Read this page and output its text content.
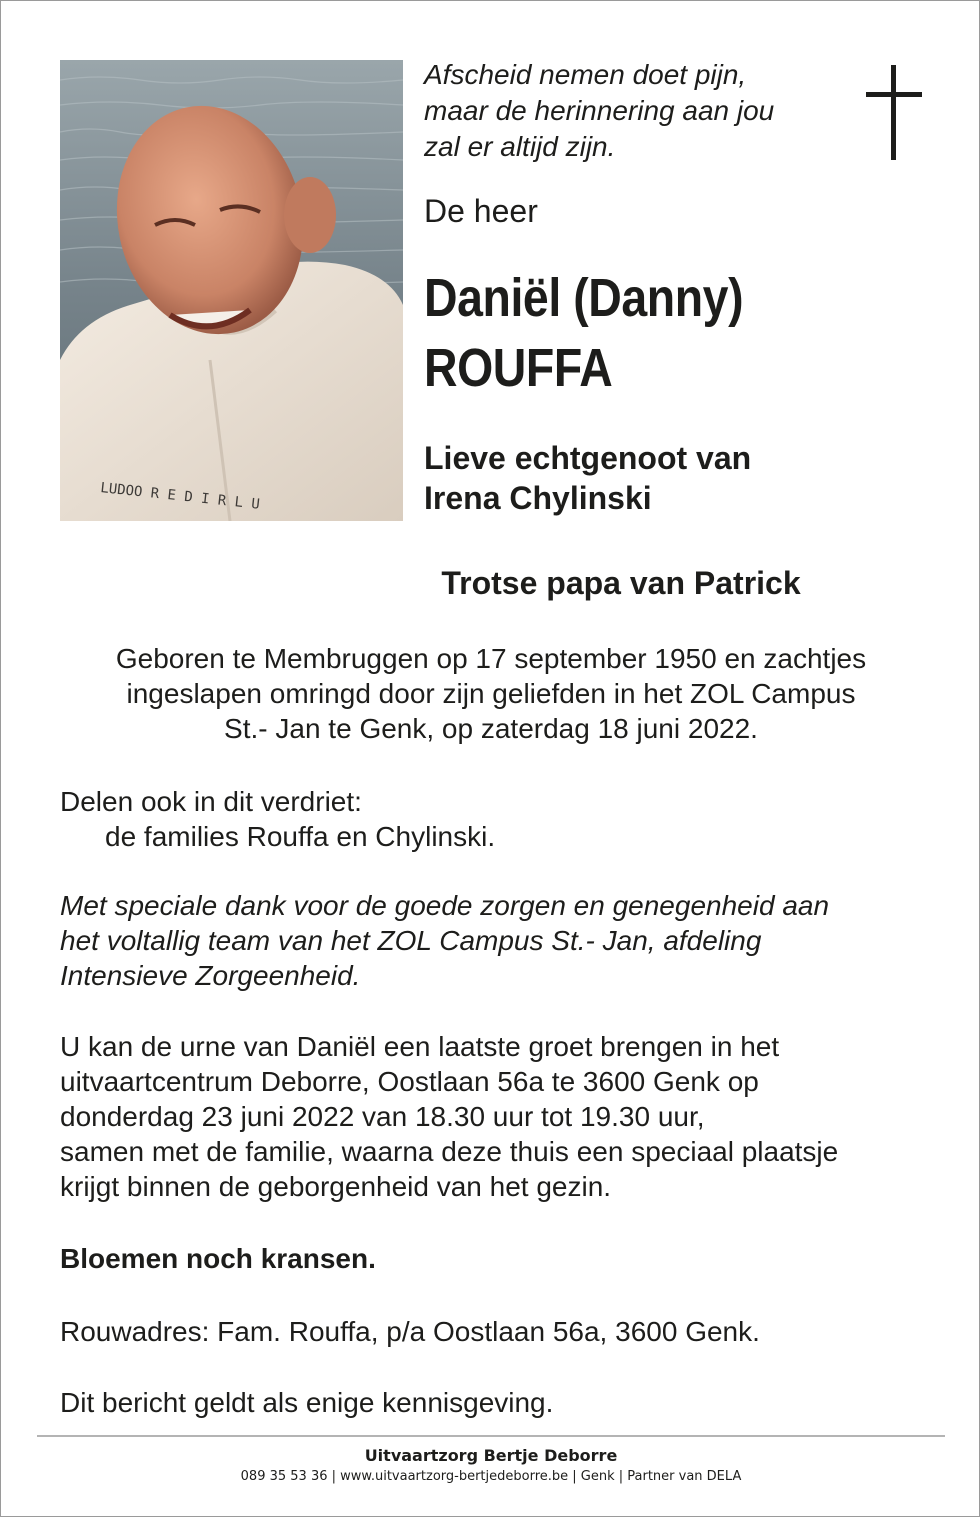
LUDOO R E D I R L U
Afscheid nemen doet pijn,
maar de herinnering aan jou
zal er altijd zijn.
De heer
Daniël (Danny)
ROUFFA
Lieve echtgenoot van
Irena Chylinski
Trotse papa van Patrick
Geboren te Membruggen op 17 september 1950 en zachtjes
ingeslapen omringd door zijn geliefden in het ZOL Campus
St.- Jan te Genk, op zaterdag 18 juni 2022.
Delen ook in dit verdriet:
de families Rouffa en Chylinski.
Met speciale dank voor de goede zorgen en genegenheid aan
het voltallig team van het ZOL Campus St.- Jan, afdeling
Intensieve Zorgeenheid.
U kan de urne van Daniël een laatste groet brengen in het
uitvaartcentrum Deborre, Oostlaan 56a te 3600 Genk op
donderdag 23 juni 2022 van 18.30 uur tot 19.30 uur,
samen met de familie, waarna deze thuis een speciaal plaatsje
krijgt binnen de geborgenheid van het gezin.
Bloemen noch kransen.
Rouwadres: Fam. Rouffa, p/a Oostlaan 56a, 3600 Genk.
Dit bericht geldt als enige kennisgeving.
Uitvaartzorg Bertje Deborre
089 35 53 36 | www.uitvaartzorg-bertjedeborre.be | Genk | Partner van DELA
